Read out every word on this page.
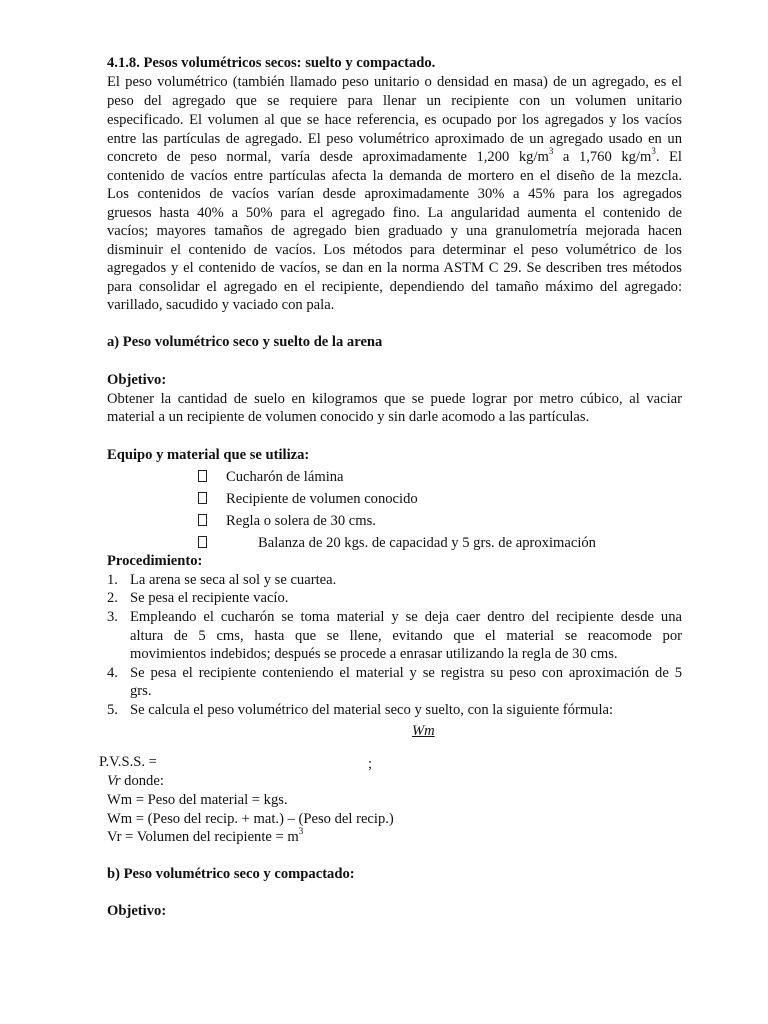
4.1.8. Pesos volumétricos secos: suelto y compactado.
El peso volumétrico (también llamado peso unitario o densidad en masa) de un agregado, es el
peso del agregado que se requiere para llenar un recipiente con un volumen unitario
especificado. El volumen al que se hace referencia, es ocupado por los agregados y los vacíos
entre las partículas de agregado. El peso volumétrico aproximado de un agregado usado en un
concreto de peso normal, varía desde aproximadamente 1,200 $kg/m^3$ a 1,760 $kg/m^3$. El
contenido de vacíos entre partículas afecta la demanda de mortero en el diseño de la mezcla.
Los contenidos de vacíos varían desde aproximadamente 30% a 45% para los agregados
gruesos hasta 40% a 50% para el agregado fino. La angularidad aumenta el contenido de
vacíos; mayores tamaños de agregado bien graduado y una granulometría mejorada hacen
disminuir el contenido de vacíos. Los métodos para determinar el peso volumétrico de los
agregados y el contenido de vacíos, se dan en la norma ASTM C 29. Se describen tres métodos
para consolidar el agregado en el recipiente, dependiendo del tamaño máximo del agregado:
varillado, sacudido y vaciado con pala.
a) Peso volumétrico seco y suelto de la arena
Objetivo:
Obtener la cantidad de suelo en kilogramos que se puede lograr por metro cúbico, al vaciar
material a un recipiente de volumen conocido y sin darle acomodo a las partículas.
Equipo y material que se utiliza:
Cucharón de lámina
Recipiente de volumen conocido
Regla o solera de 30 cms.
Balanza de 20 kgs. de capacidad y 5 grs. de aproximación
Procedimiento:
1. La arena se seca al sol y se cuartea.
2. Se pesa el recipiente vacío.
3. Empleando el cucharón se toma material y se deja caer dentro del recipiente desde una
altura de 5 cms, hasta que se llene, evitando que el material se reacomode por
movimientos indebidos; después se procede a enrasar utilizando la regla de 30 cms.
4. Se pesa el recipiente conteniendo el material y se registra su peso con aproximación de 5
grs.
5. Se calcula el peso volumétrico del material seco y suelto, con la siguiente fórmula:
Wm
P.V.S.S. =	;
Vr donde:
Wm = Peso del material = kgs.
Wm = (Peso del recip. + mat.) – (Peso del recip.)
Vr = Volumen del recipiente = $m^3$
b) Peso volumétrico seco y compactado:
Objetivo:
